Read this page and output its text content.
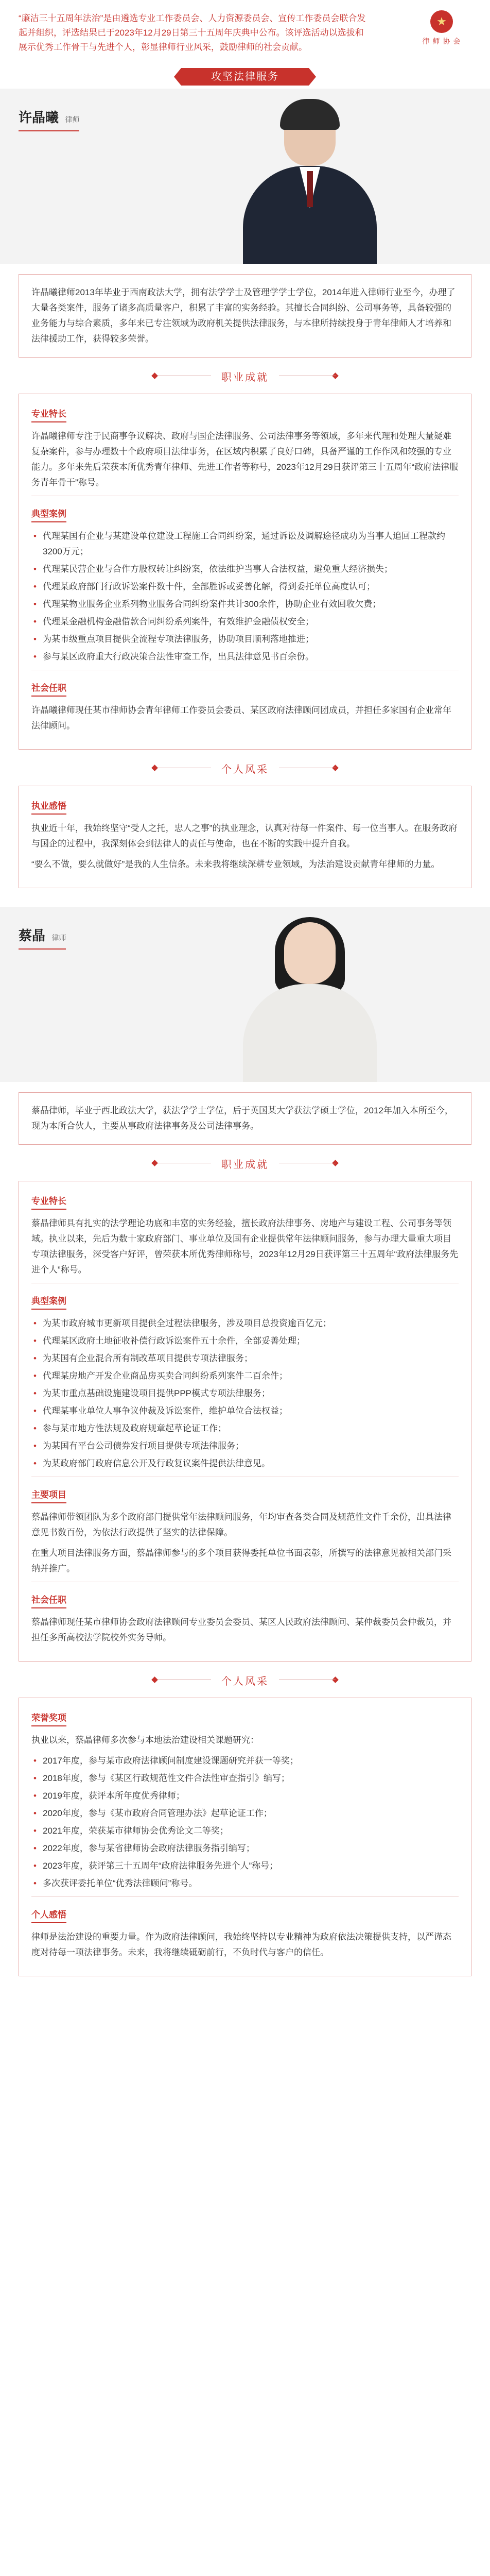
“廉洁三十五周年法治”是由遴选专业工作委员会、人力资源委员会、宣传工作委员会联合发起并组织，评选结果已于2023年12月29日第三十五周年庆典中公布。该评选活动以选拔和展示优秀工作骨干与先进个人，彰显律师行业风采，鼓励律师的社会贡献。
★
律 师 协 会
攻坚法律服务
许晶曦 律师
许晶曦律师2013年毕业于西南政法大学，拥有法学学士及管理学学士学位，2014年进入律师行业至今，办理了大量各类案件，服务了诸多高质量客户，积累了丰富的实务经验。其擅长合同纠纷、公司事务等，具备较强的业务能力与综合素质，多年来已专注领域为政府机关提供法律服务，与本律所持续投身于青年律师人才培养和法律援助工作，获得较多荣誉。
职业成就
专业特长
许晶曦律师专注于民商事争议解决、政府与国企法律服务、公司法律事务等领域，多年来代理和处理大量疑难复杂案件，参与办理数十个政府项目法律事务，在区域内积累了良好口碑，具备严谨的工作作风和较强的专业能力。多年来先后荣获本所优秀青年律师、先进工作者等称号，2023年12月29日获评第三十五周年“政府法律服务青年骨干”称号。
典型案例
• 代理某国有企业与某建设单位建设工程施工合同纠纷案，通过诉讼及调解途径成功为当事人追回工程款约3200万元；
• 代理某民营企业与合作方股权转让纠纷案，依法维护当事人合法权益，避免重大经济损失；
• 代理某政府部门行政诉讼案件数十件，全部胜诉或妥善化解，得到委托单位高度认可；
• 代理某物业服务企业系列物业服务合同纠纷案件共计300余件，协助企业有效回收欠费；
• 代理某金融机构金融借款合同纠纷系列案件，有效维护金融债权安全；
• 为某市级重点项目提供全流程专项法律服务，协助项目顺利落地推进；
• 参与某区政府重大行政决策合法性审查工作，出具法律意见书百余份。
社会任职
许晶曦律师现任某市律师协会青年律师工作委员会委员、某区政府法律顾问团成员，并担任多家国有企业常年法律顾问。
个人风采
执业感悟
执业近十年，我始终坚守“受人之托，忠人之事”的执业理念，认真对待每一件案件、每一位当事人。在服务政府与国企的过程中，我深刻体会到法律人的责任与使命，也在不断的实践中提升自我。
“要么不做，要么就做好”是我的人生信条。未来我将继续深耕专业领域，为法治建设贡献青年律师的力量。
蔡晶 律师
蔡晶律师，毕业于西北政法大学，获法学学士学位，后于英国某大学获法学硕士学位，2012年加入本所至今，现为本所合伙人，主要从事政府法律事务及公司法律事务。
职业成就
专业特长
蔡晶律师具有扎实的法学理论功底和丰富的实务经验，擅长政府法律事务、房地产与建设工程、公司事务等领域。执业以来，先后为数十家政府部门、事业单位及国有企业提供常年法律顾问服务，参与办理大量重大项目专项法律服务，深受客户好评，曾荣获本所优秀律师称号，2023年12月29日获评第三十五周年“政府法律服务先进个人”称号。
典型案例
• 为某市政府城市更新项目提供全过程法律服务，涉及项目总投资逾百亿元；
• 代理某区政府土地征收补偿行政诉讼案件五十余件，全部妥善处理；
• 为某国有企业混合所有制改革项目提供专项法律服务；
• 代理某房地产开发企业商品房买卖合同纠纷系列案件二百余件；
• 为某市重点基础设施建设项目提供PPP模式专项法律服务；
• 代理某事业单位人事争议仲裁及诉讼案件，维护单位合法权益；
• 参与某市地方性法规及政府规章起草论证工作；
• 为某国有平台公司债券发行项目提供专项法律服务；
• 为某政府部门政府信息公开及行政复议案件提供法律意见。
主要项目
蔡晶律师带领团队为多个政府部门提供常年法律顾问服务，年均审查各类合同及规范性文件千余份，出具法律意见书数百份，为依法行政提供了坚实的法律保障。
在重大项目法律服务方面，蔡晶律师参与的多个项目获得委托单位书面表彰，所撰写的法律意见被相关部门采纳并推广。
社会任职
蔡晶律师现任某市律师协会政府法律顾问专业委员会委员、某区人民政府法律顾问、某仲裁委员会仲裁员，并担任多所高校法学院校外实务导师。
个人风采
荣誉奖项
执业以来，蔡晶律师多次参与本地法治建设相关课题研究：
• 2017年度，参与某市政府法律顾问制度建设课题研究并获一等奖；
• 2018年度，参与《某区行政规范性文件合法性审查指引》编写；
• 2019年度，获评本所年度优秀律师；
• 2020年度，参与《某市政府合同管理办法》起草论证工作；
• 2021年度，荣获某市律师协会优秀论文二等奖；
• 2022年度，参与某省律师协会政府法律服务指引编写；
• 2023年度，获评第三十五周年“政府法律服务先进个人”称号；
• 多次获评委托单位“优秀法律顾问”称号。
个人感悟
律师是法治建设的重要力量。作为政府法律顾问，我始终坚持以专业精神为政府依法决策提供支持，以严谨态度对待每一项法律事务。未来，我将继续砥砺前行，不负时代与客户的信任。
